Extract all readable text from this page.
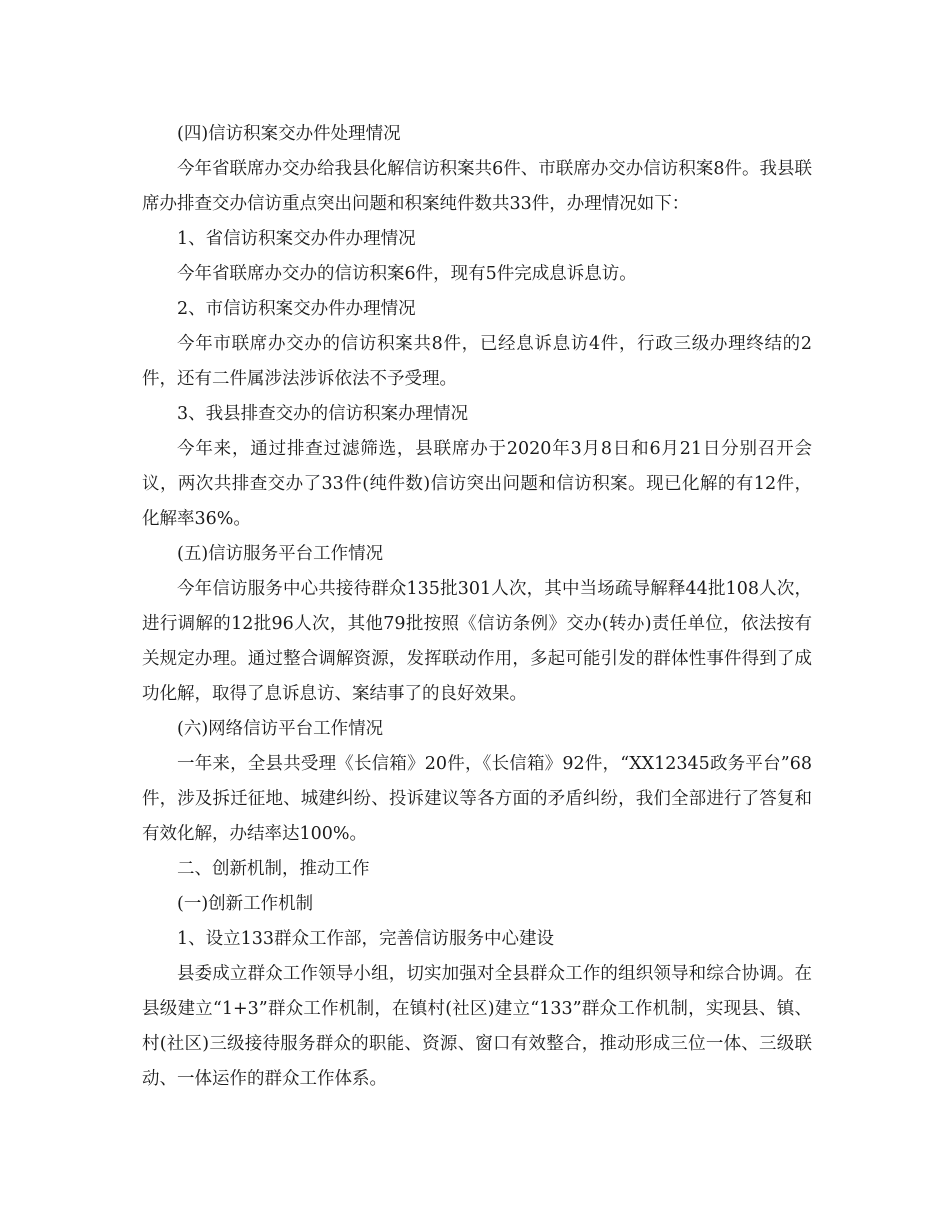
(四)信访积案交办件处理情况

今年省联席办交办给我县化解信访积案共6件、市联席办交办信访积案8件。我县联席办排查交办信访重点突出问题和积案纯件数共33件，办理情况如下：

1、省信访积案交办件办理情况

今年省联席办交办的信访积案6件，现有5件完成息诉息访。

2、市信访积案交办件办理情况

今年市联席办交办的信访积案共8件，已经息诉息访4件，行政三级办理终结的2件，还有二件属涉法涉诉依法不予受理。

3、我县排查交办的信访积案办理情况

今年来，通过排查过滤筛选，县联席办于2020年3月8日和6月21日分别召开会议，两次共排查交办了33件(纯件数)信访突出问题和信访积案。现已化解的有12件，化解率36%。

(五)信访服务平台工作情况

今年信访服务中心共接待群众135批301人次，其中当场疏导解释44批108人次，进行调解的12批96人次，其他79批按照《信访条例》交办(转办)责任单位，依法按有关规定办理。通过整合调解资源，发挥联动作用，多起可能引发的群体性事件得到了成功化解，取得了息诉息访、案结事了的良好效果。

(六)网络信访平台工作情况

一年来，全县共受理《长信箱》20件，《长信箱》92件，“XX12345政务平台”68件，涉及拆迁征地、城建纠纷、投诉建议等各方面的矛盾纠纷，我们全部进行了答复和有效化解，办结率达100%。

二、创新机制，推动工作

(一)创新工作机制

1、设立133群众工作部，完善信访服务中心建设

县委成立群众工作领导小组，切实加强对全县群众工作的组织领导和综合协调。在县级建立“1+3”群众工作机制，在镇村(社区)建立“133”群众工作机制，实现县、镇、村(社区)三级接待服务群众的职能、资源、窗口有效整合，推动形成三位一体、三级联动、一体运作的群众工作体系。
